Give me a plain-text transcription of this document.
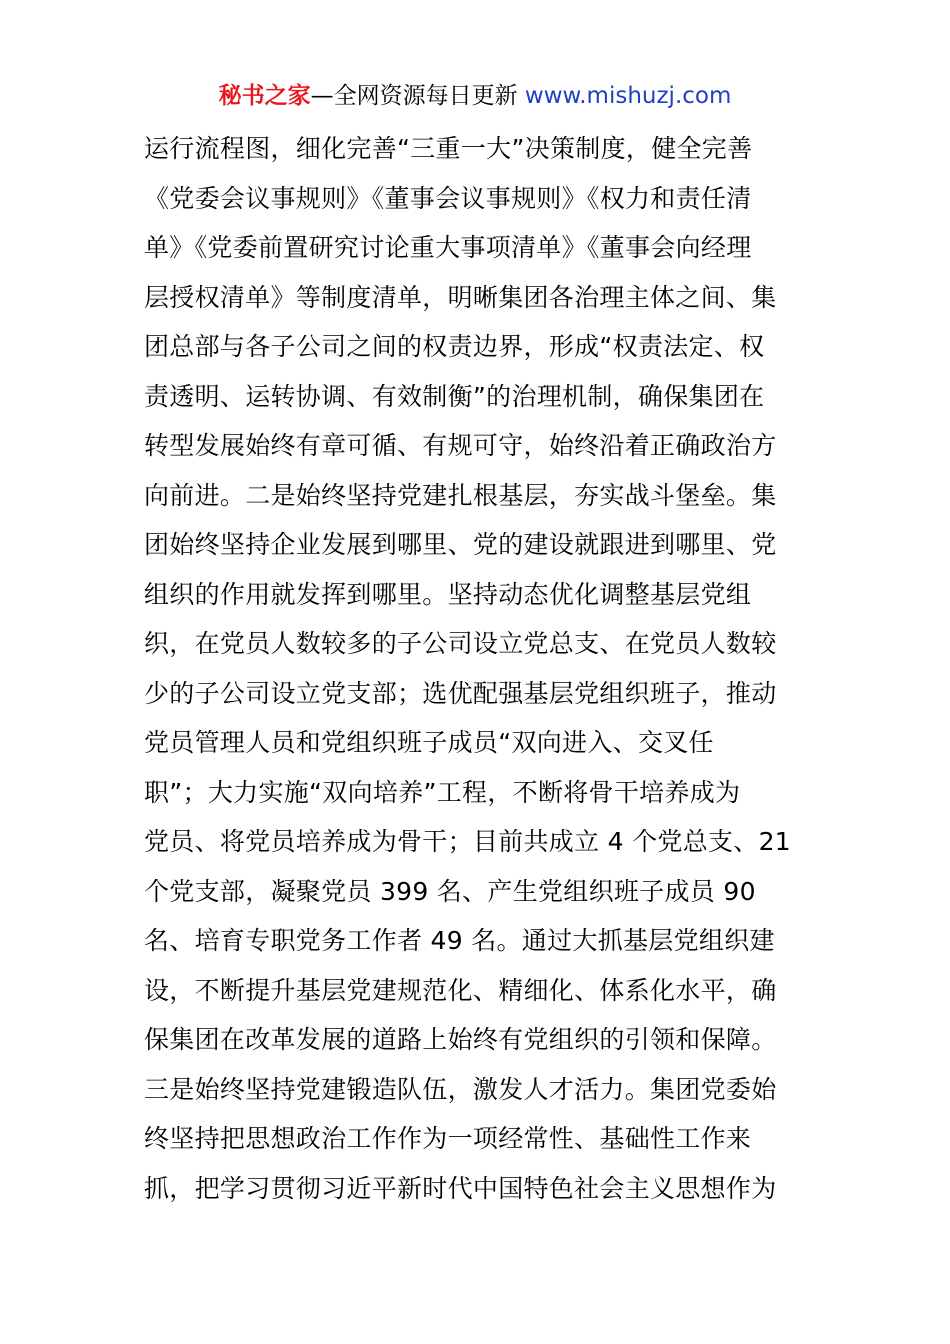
秘书之家—全网资源每日更新 www.mishuzj.com
运行流程图，细化完善“三重一大”决策制度，健全完善
《党委会议事规则》《董事会议事规则》《权力和责任清
单》《党委前置研究讨论重大事项清单》《董事会向经理
层授权清单》等制度清单，明晰集团各治理主体之间、集
团总部与各子公司之间的权责边界，形成“权责法定、权
责透明、运转协调、有效制衡”的治理机制，确保集团在
转型发展始终有章可循、有规可守，始终沿着正确政治方
向前进。二是始终坚持党建扎根基层，夯实战斗堡垒。集
团始终坚持企业发展到哪里、党的建设就跟进到哪里、党
组织的作用就发挥到哪里。坚持动态优化调整基层党组
织，在党员人数较多的子公司设立党总支、在党员人数较
少的子公司设立党支部；选优配强基层党组织班子，推动
党员管理人员和党组织班子成员“双向进入、交叉任
职”；大力实施“双向培养”工程，不断将骨干培养成为
党员、将党员培养成为骨干；目前共成立 4 个党总支、21
个党支部，凝聚党员 399 名、产生党组织班子成员 90
名、培育专职党务工作者 49 名。通过大抓基层党组织建
设，不断提升基层党建规范化、精细化、体系化水平，确
保集团在改革发展的道路上始终有党组织的引领和保障。
三是始终坚持党建锻造队伍，激发人才活力。集团党委始
终坚持把思想政治工作作为一项经常性、基础性工作来
抓，把学习贯彻习近平新时代中国特色社会主义思想作为
